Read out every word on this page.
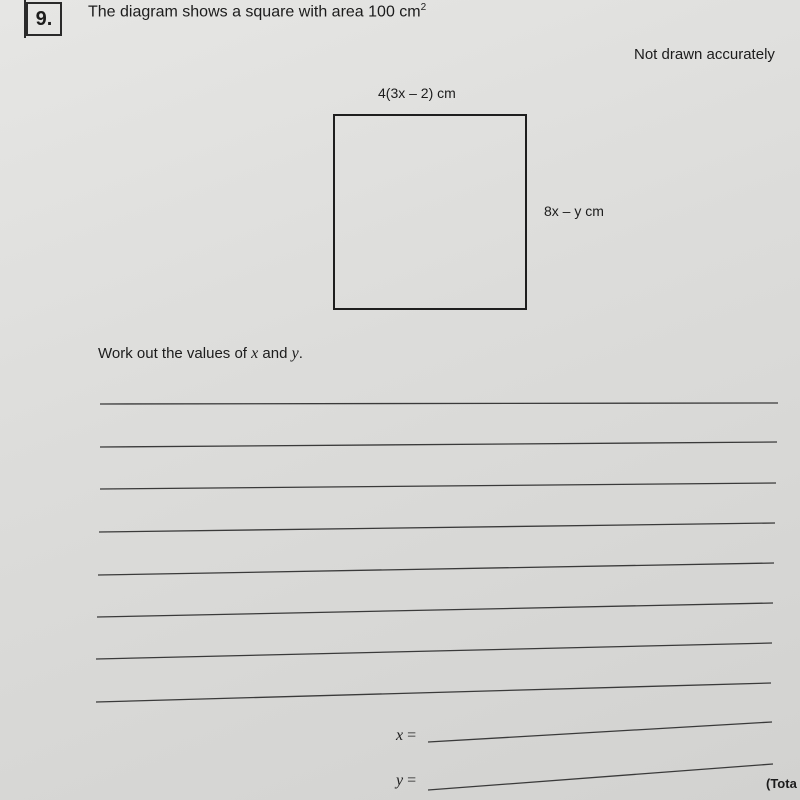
9. The diagram shows a square with area 100 $cm^2$
Not drawn accurately
4(3x – 2) cm
8x – y cm
Work out the values of x and y.
x =
y =	(Tota
